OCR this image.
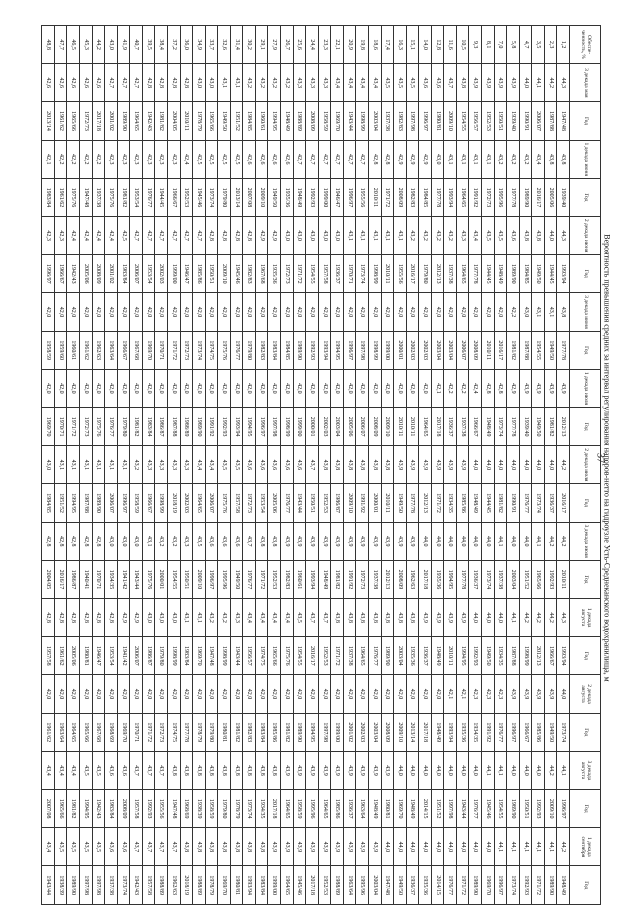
37
Вероятность превышения средних за интервал регулирования напоров-нетто на гидроузле Усть-Среднеканского водохранилища, м
Обеспе-ченность, %	3 декада мая	Год	1 декада июня	Год	2 декада июня	Год	3 декада июня	Год	1 декада июля	Год	2 декада июля	Год	3 декада июля	Год	1 декада августа	Год	2 декада августа	Год	3 декада августа	Год	1 декада сентября	Год
1,2	44,3	1947/48	43,8	1939/40	44,3	1993/94	43,8	1977/78	43,9	2012/13	44,2	2016/17	44,2	2010/11	44,3	1993/94	44,0	1973/74	44,1	1996/97	44,2	1948/49
2,3	44,2	1987/88	43,8	2005/06	44,0	1944/45	43,1	1949/50	43,9	1981/82	44,0	1936/37	44,2	1992/93	44,2	1966/67	43,9	1949/50	44,2	2009/10	44,1	1989/90
3,5	44,1	2006/07	43,4	2016/17	43,8	1949/50	43,1	1954/55	43,9	1949/50	44,0	1973/74	44,1	1965/66	44,2	2012/13	43,9	1985/86	44,0	1992/93	44,1	1971/72
4,7	44,0	1990/91	43,2	1989/90	43,8	1984/85	43,0	1987/88	43,9	1939/40	44,0	1976/77	44,0	1951/52	44,2	1998/99	43,9	1966/67	44,0	1950/51	44,1	1992/93
5,8	43,9	1939/40	43,2	1977/78	43,6	1989/90	42,2	1981/82	42,9	1977/78	44,0	1990/91	44,0	2003/04	44,1	1987/88	43,9	1996/97	44,0	1989/90	44,1	1973/74
7,0	43,9	1950/51	43,2	1995/96	43,5	1948/49	42,0	2016/17	42,8	1973/74	44,0	1981/82	44,1	1937/38	44,0	1934/35	42,3	1976/77	44,1	1954/55	44,1	1996/97
8,1	43,9	1952/53	43,1	1972/73	43,5	1944/45	42,0	2010/11	42,8	1948/49	44,0	1944/45	44,0	1973/74	44,0	1949/50	42,3	1991/92	44,1	1945/46	44,0	1969/70
9,3	43,9	1956/57	43,1	1991/92	43,4	1977/78	42,0	2008/09	42,4	1966/67	44,0	1948/49	44,0	1936/37	44,0	1992/93	42,3	1934/35	44,0	1976/77	44,0	1989/90
10,5	43,8	1954/55	43,1	1964/65	43,3	1964/65	42,0	2006/07	42,2	1937/38	43,9	1985/86	44,0	1977/78	43,9	1994/95	42,1	1935/36	44,0	1943/44	44,0	1971/72
11,6	43,7	2009/10	43,1	1993/94	43,2	1937/38	42,0	2003/04	42,2	1936/37	43,9	1934/35	44,0	1994/95	43,9	2010/11	42,1	1993/94	44,0	1997/98	44,0	1976/77
12,8	43,6	1980/81	43,0	1977/78	43,2	2012/13	42,0	2003/04	42,1	2017/18	43,9	1971/72	44,0	1935/36	43,9	1948/49	42,0	1948/49	44,0	1951/52	44,0	2014/15
14,0	43,6	1996/97	42,9	1984/85	43,2	1979/80	42,0	2002/03	42,0	1964/65	43,9	2012/13	44,0	2017/18	43,9	1936/37	42,0	2017/18	44,0	2014/15	44,0	1935/36
15,1	43,5	1997/98	42,9	1982/83	43,2	2016/17	42,0	2002/03	42,0	2010/11	43,9	1977/78	43,9	1962/63	43,8	1935/36	42,0	2013/14	44,0	1948/49	44,0	1936/37
16,3	43,5	1982/83	42,9	2008/09	43,1	1955/56	42,0	2000/01	42,0	2010/11	43,9	1949/50	43,9	2008/09	43,8	2003/04	42,0	2009/10	44,0	1969/70	44,0	1949/50
17,4	43,5	1937/38	42,8	1971/72	43,1	2010/11	42,0	1999/00	42,0	2009/10	43,8	2010/11	43,9	2012/13	43,8	1989/90	42,0	2008/09	43,9	1980/81	44,0	1947/48
18,6	43,4	2003/04	42,8	2010/11	43,1	1998/99	42,0	1998/99	42,0	2008/09	43,8	2000/01	43,9	1937/38	43,8	1976/77	42,0	2003/04	43,9	1948/49	43,9	2003/04
19,8	43,4	1998/99	42,7	1955/56	43,1	1973/74	42,0	1997/98	42,0	2006/07	43,8	1991/92	43,9	1972/73	43,8	1964/65	42,0	2002/03	43,9	1963/64	43,9	1995/96
20,9	43,4	1943/44	42,7	1996/97	43,1	1970/71	42,0	1996/97	42,0	2005/06	43,8	2009/10	43,9	1991/92	43,8	1937/38	42,0	2001/02	43,9	1936/37	43,9	1963/64
22,1	43,4	1969/70	42,7	1946/47	43,0	1936/37	42,0	1994/95	42,0	2003/04	43,8	1986/87	43,9	1981/82	43,8	1971/72	42,0	1999/00	43,9	1985/86	43,9	1988/89
23,3	43,3	1958/59	42,7	1999/00	43,0	1957/58	42,0	1993/94	42,0	2002/03	43,8	1952/53	43,9	1948/49	43,7	1952/53	42,0	1997/98	43,9	1964/65	43,9	1952/53
24,4	43,3	2008/09	42,7	1992/93	43,0	1954/55	42,0	1992/93	42,0	2000/01	43,7	1950/51	43,9	1993/94	43,7	2016/17	42,0	1994/95	43,9	1995/96	43,9	2017/18
25,6	43,3	1988/89	42,7	1948/49	43,0	1971/72	42,0	1989/90	42,0	1999/00	43,6	1943/44	43,9	1960/61	43,5	1954/55	42,0	1989/90	43,9	1958/59	43,9	1945/46
26,7	43,2	1948/49	42,6	1935/36	43,0	1972/73	42,0	1984/85	42,0	1998/99	43,6	1976/77	43,9	1982/83	43,4	1975/76	42,0	1981/82	43,9	1964/65	43,9	1964/65
27,9	43,2	1994/95	42,6	1949/50	42,9	1935/36	42,0	1983/84	42,0	1997/98	43,6	2005/06	43,8	1952/53	43,4	1965/66	42,0	1985/86	43,8	2017/18	43,9	1999/00
29,1	43,2	1960/61	42,6	2009/10	42,9	1967/68	42,0	1982/83	42,0	1996/97	43,6	1953/54	43,8	1971/72	43,4	1974/75	42,0	1983/84	43,8	1934/35	43,8	1983/84
30,2	43,2	1984/85	42,6	2007/08	42,8	1982/83	42,0	1979/80	42,0	1994/95	43,6	1972/73	43,7	1976/77	43,4	1956/57	42,0	1982/83	43,8	1973/74	43,8	1993/94
31,4	43,1	1951/52	42,5	2013/14	42,8	1945/46	42,0	1976/77	42,0	1993/94	43,5	1957/58	43,6	1949/50	43,3	1943/44	42,0	1981/82	43,8	1978/79	43,8	1980/81
32,6	43,1	1949/50	42,5	1979/80	42,8	2009/10	42,0	1975/76	42,0	1992/93	43,5	1975/76	43,6	1995/96	43,2	1998/99	42,0	1980/81	43,8	1979/80	43,8	1969/70
33,7	43,0	1965/66	42,5	1973/74	42,8	1950/51	42,0	1974/75	42,0	1991/92	43,4	2006/07	43,6	1996/97	43,2	1947/48	42,0	1979/80	43,8	1958/59	43,8	1978/79
34,9	43,0	1978/79	42,5	1945/46	42,7	1985/86	42,0	1973/74	42,0	1989/90	43,4	1964/65	43,5	2009/10	43,1	1969/70	42,0	1978/79	43,8	1938/39	43,8	1988/89
36,0	42,8	2010/11	42,4	1952/53	42,7	1946/47	42,0	1972/73	42,0	1988/89	43,3	2002/03	43,3	1950/51	43,1	1983/84	42,0	1977/78	43,8	1968/69	43,8	2018/19
37,2	42,8	2004/05	42,3	1966/67	42,7	1999/00	42,0	1971/72	42,0	1987/88	43,3	2018/19	43,2	1954/55	43,0	1998/99	42,0	1974/75	43,8	1947/48	43,7	1962/63
38,4	42,8	1981/82	42,3	1944/45	42,7	2002/03	42,0	1970/71	42,0	1986/87	43,3	1998/99	43,2	2000/01	43,0	1979/80	42,0	1972/73	43,7	1955/56	43,7	1988/89
39,5	42,8	1942/43	42,3	1976/77	42,7	1953/54	42,0	1969/70	42,0	1983/84	43,3	1966/67	43,1	1975/76	43,0	1986/87	42,0	1971/72	43,7	1992/93	43,7	1957/58
40,7	42,7	1964/65	42,3	1953/54	42,7	2006/07	42,0	1967/68	42,0	1981/82	43,2	1958/59	43,0	1943/44	42,9	2006/07	42,0	1970/71	43,7	1957/58	43,7	1942/43
41,9	42,7	1989/90	42,3	1981/82	42,5	1983/84	42,0	1966/67	42,0	1979/80	43,1	1996/97	43,0	1941/42	42,9	1941/42	42,0	1969/70	43,6	2008/09	43,6	1973/74
43,0	42,7	2001/02	42,3	1975/76	42,4	2001/02	42,0	1963/64	42,0	1976/77	43,1	2006/07	43,0	1934/35	42,8	1953/54	42,0	1968/69	43,6	1983/84	43,6	1937/38
44,2	42,6	2017/18	42,2	1937/38	42,4	2008/09	42,0	1962/63	42,0	1975/76	43,1	1989/90	42,8	1970/71	42,8	1946/47	42,0	1967/68	43,5	1942/43	43,5	1997/98
45,3	42,6	1972/73	42,2	1947/48	42,4	2005/06	42,0	1961/62	42,0	1972/73	43,1	1987/88	42,8	1940/41	42,8	1980/81	42,0	1965/66	43,5	1994/95	43,5	1997/98
46,5	42,6	1965/66	42,2	1975/76	42,4	1942/43	42,0	1960/61	42,0	1971/72	43,1	1994/95	42,8	1986/87	42,8	2005/06	42,0	1964/65	43,4	1981/82	43,5	1989/90
47,7	42,6	1961/62	42,2	1961/62	42,3	1966/67	42,0	1959/60	42,0	1970/71	43,1	1951/52	42,8	2016/17	42,8	1961/62	42,0	1963/64	43,4	1965/66	43,5	1938/39
48,8	42,6	2013/14	42,1	1983/84	42,3	1996/97	42,0	1958/59	42,0	1969/70	43,0	1984/85	42,8	2004/05	42,8	1957/58	42,0	1961/62	43,4	2007/08	43,4	1943/44
